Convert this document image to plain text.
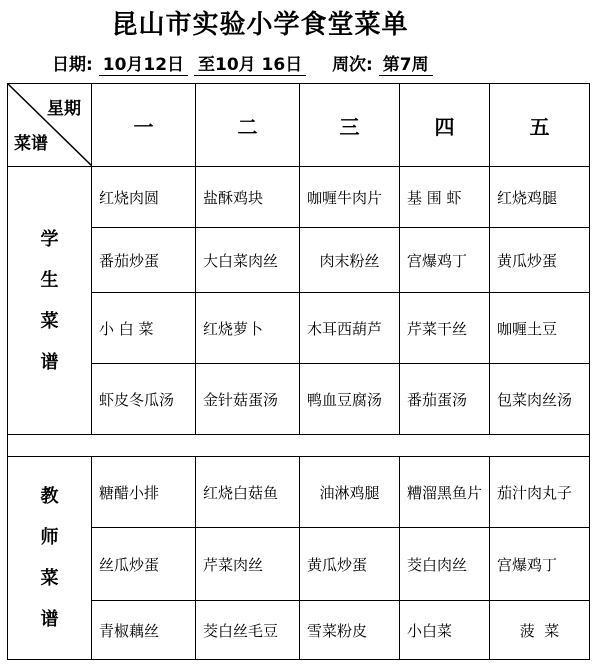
昆山市实验小学食堂菜单
日期: 10月12日 至10月 16日 周次: 第7周
星期
菜谱	一	二	三	四	五

学
生
菜
谱	红烧肉圆	盐酥鸡块	咖喱牛肉片	基 围 虾	红烧鸡腿
	番茄炒蛋	大白菜肉丝	肉末粉丝	宫爆鸡丁	黄瓜炒蛋
	小 白 菜	红烧萝卜	木耳西葫芦	芹菜干丝	咖喱土豆
	虾皮冬瓜汤	金针菇蛋汤	鸭血豆腐汤	番茄蛋汤	包菜肉丝汤

教
师
菜
谱	糖醋小排	红烧白菇鱼	油淋鸡腿	糟溜黑鱼片	茄汁肉丸子
	丝瓜炒蛋	芹菜肉丝	黄瓜炒蛋	茭白肉丝	宫爆鸡丁
	青椒藕丝	茭白丝毛豆	雪菜粉皮	小白菜	菠  菜
